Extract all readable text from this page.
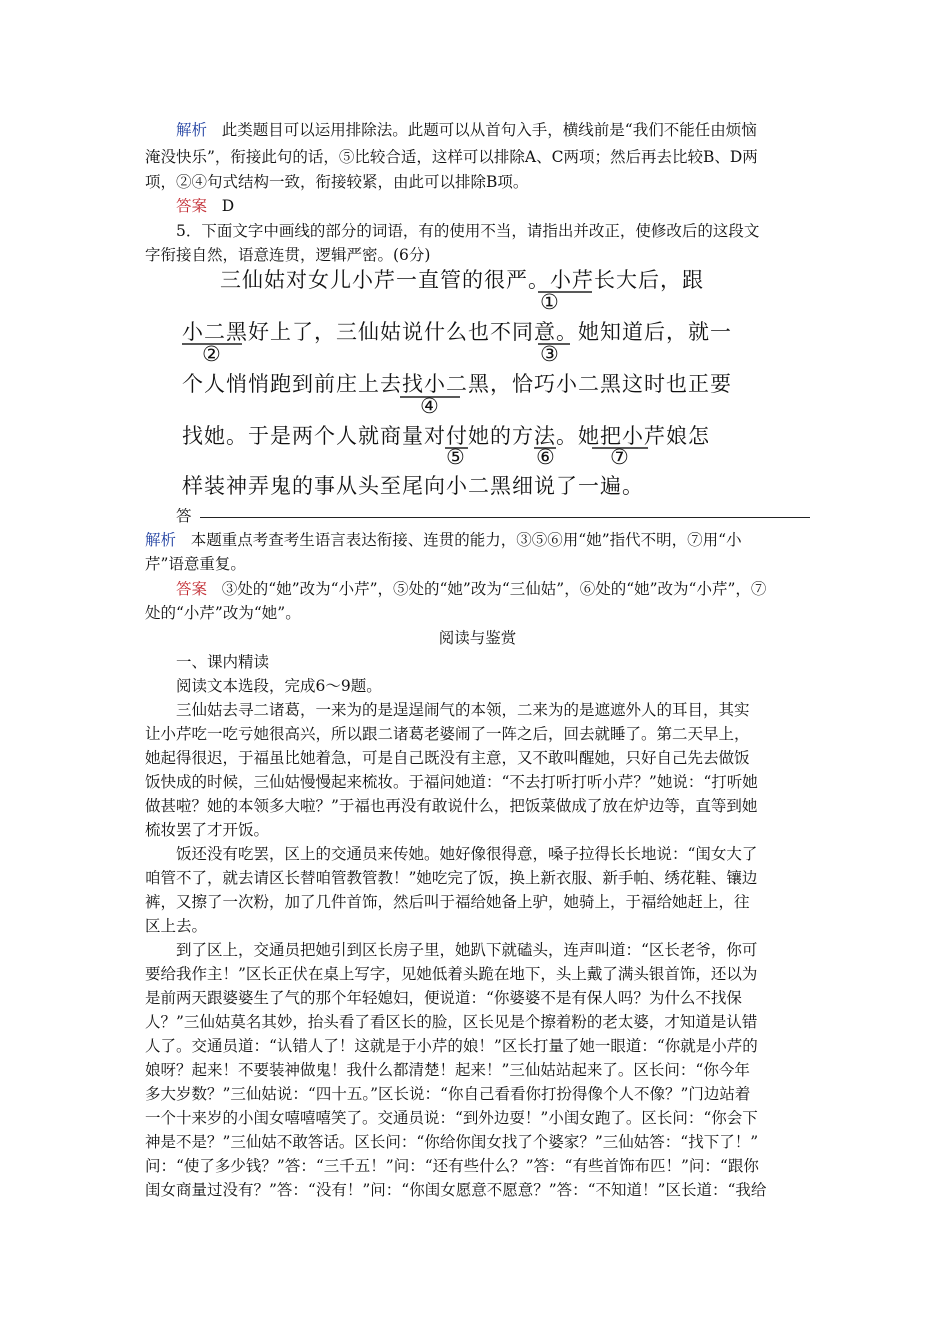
解析 此类题目可以运用排除法。此题可以从首句入手，横线前是“我们不能任由烦恼
淹没快乐”，衔接此句的话，⑤比较合适，这样可以排除A、C两项；然后再去比较B、D两
项，②④句式结构一致，衔接较紧，由此可以排除B项。
答案 D
5．下面文字中画线的部分的词语，有的使用不当，请指出并改正，使修改后的这段文
字衔接自然，语意连贯，逻辑严密。(6分)
三仙姑对女儿小芹一直管的很严。小芹长大后，跟
小二黑好上了，三仙姑说什么也不同意。她知道后，就一
个人悄悄跑到前庄上去找小二黑，恰巧小二黑这时也正要
找她。于是两个人就商量对付她的方法。她把小芹娘怎
样装神弄鬼的事从头至尾向小二黑细说了一遍。
①
②	③
④
⑤	⑥	⑦
答
解析 本题重点考查考生语言表达衔接、连贯的能力，③⑤⑥用“她”指代不明，⑦用“小
芹”语意重复。
答案 ③处的“她”改为“小芹”，⑤处的“她”改为“三仙姑”，⑥处的“她”改为“小芹”，⑦
处的“小芹”改为“她”。
阅读与鉴赏
一、课内精读
阅读文本选段，完成6～9题。
三仙姑去寻二诸葛，一来为的是逞逞闹气的本领，二来为的是遮遮外人的耳目，其实
让小芹吃一吃亏她很高兴，所以跟二诸葛老婆闹了一阵之后，回去就睡了。第二天早上，
她起得很迟，于福虽比她着急，可是自己既没有主意，又不敢叫醒她，只好自己先去做饭
饭快成的时候，三仙姑慢慢起来梳妆。于福问她道：“不去打听打听小芹？”她说：“打听她
做甚啦？她的本领多大啦？”于福也再没有敢说什么，把饭菜做成了放在炉边等，直等到她
梳妆罢了才开饭。
饭还没有吃罢，区上的交通员来传她。她好像很得意，嗓子拉得长长地说：“闺女大了
咱管不了，就去请区长替咱管教管教！”她吃完了饭，换上新衣服、新手帕、绣花鞋、镶边
裤，又擦了一次粉，加了几件首饰，然后叫于福给她备上驴，她骑上，于福给她赶上，往
区上去。
到了区上，交通员把她引到区长房子里，她趴下就磕头，连声叫道：“区长老爷，你可
要给我作主！”区长正伏在桌上写字，见她低着头跪在地下，头上戴了满头银首饰，还以为
是前两天跟婆婆生了气的那个年轻媳妇，便说道：“你婆婆不是有保人吗？为什么不找保
人？”三仙姑莫名其妙，抬头看了看区长的脸，区长见是个擦着粉的老太婆，才知道是认错
人了。交通员道：“认错人了！这就是于小芹的娘！”区长打量了她一眼道：“你就是小芹的
娘呀？起来！不要装神做鬼！我什么都清楚！起来！”三仙姑站起来了。区长问：“你今年
多大岁数？”三仙姑说：“四十五。”区长说：“你自己看看你打扮得像个人不像？”门边站着
一个十来岁的小闺女嘻嘻嘻笑了。交通员说：“到外边耍！”小闺女跑了。区长问：“你会下
神是不是？”三仙姑不敢答话。区长问：“你给你闺女找了个婆家？”三仙姑答：“找下了！”
问：“使了多少钱？”答：“三千五！”问：“还有些什么？”答：“有些首饰布匹！”问：“跟你
闺女商量过没有？”答：“没有！”问：“你闺女愿意不愿意？”答：“不知道！”区长道：“我给
